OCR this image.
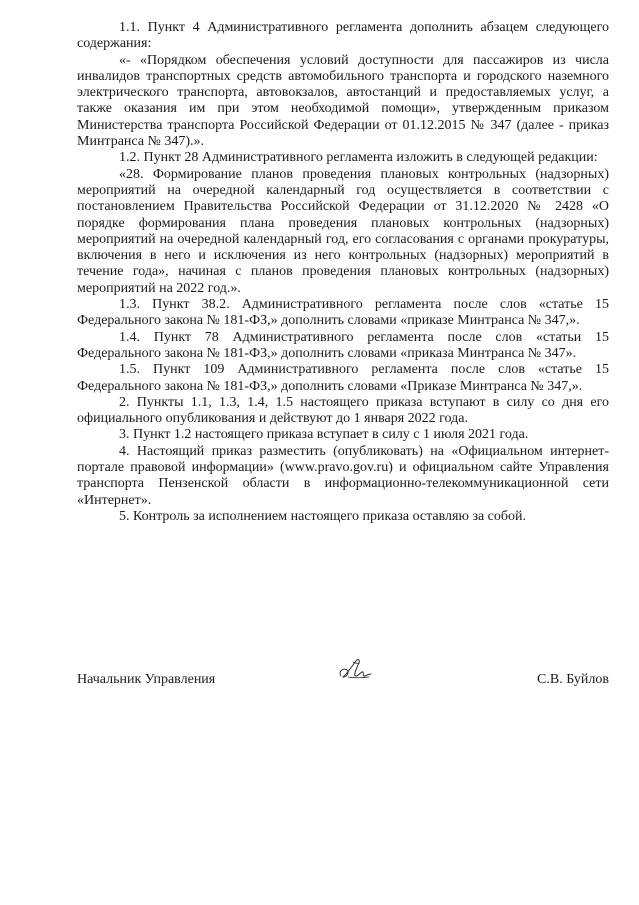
1.1. Пункт 4 Административного регламента дополнить абзацем следующего содержания:

«- «Порядком обеспечения условий доступности для пассажиров из числа инвалидов транспортных средств автомобильного транспорта и городского наземного электрического транспорта, автовокзалов, автостанций и предоставляемых услуг, а также оказания им при этом необходимой помощи», утвержденным приказом Министерства транспорта Российской Федерации от 01.12.2015 № 347 (далее - приказ Минтранса № 347).».

1.2. Пункт 28 Административного регламента изложить в следующей редакции:

«28. Формирование планов проведения плановых контрольных (надзорных) мероприятий на очередной календарный год осуществляется в соответствии с постановлением Правительства Российской Федерации от 31.12.2020 № 2428 «О порядке формирования плана проведения плановых контрольных (надзорных) мероприятий на очередной календарный год, его согласования с органами прокуратуры, включения в него и исключения из него контрольных (надзорных) мероприятий в течение года», начиная с планов проведения плановых контрольных (надзорных) мероприятий на 2022 год.».

1.3. Пункт 38.2. Административного регламента после слов «статье 15 Федерального закона № 181-ФЗ,» дополнить словами «приказе Минтранса № 347,».

1.4. Пункт 78 Административного регламента после слов «статьи 15 Федерального закона № 181-ФЗ,» дополнить словами «приказа Минтранса № 347».

1.5. Пункт 109 Административного регламента после слов «статье 15 Федерального закона № 181-ФЗ,» дополнить словами «Приказе Минтранса № 347,».

2. Пункты 1.1, 1.3, 1.4, 1.5 настоящего приказа вступают в силу со дня его официального опубликования и действуют до 1 января 2022 года.

3. Пункт 1.2 настоящего приказа вступает в силу с 1 июля 2021 года.

4. Настоящий приказ разместить (опубликовать) на «Официальном интернет-портале правовой информации» (www.pravo.gov.ru) и официальном сайте Управления транспорта Пензенской области в информационно-телекоммуникационной сети «Интернет».

5. Контроль за исполнением настоящего приказа оставляю за собой.

Начальник Управления	С.В. Буйлов
